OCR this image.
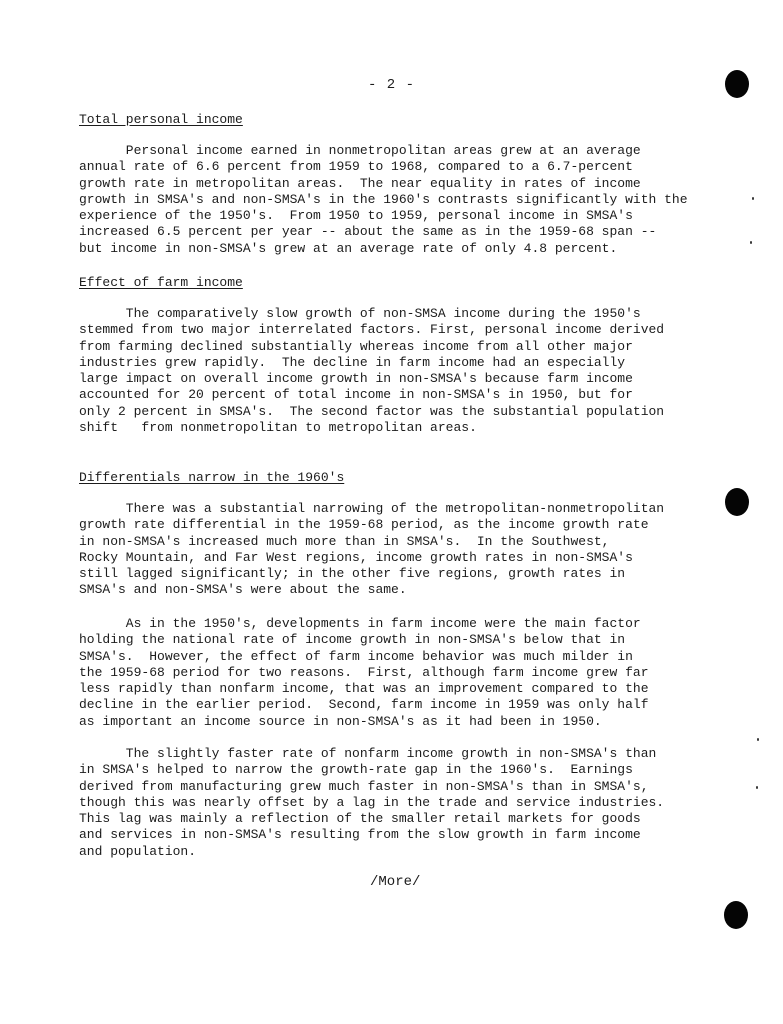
- 2 -
Total personal income
Personal income earned in nonmetropolitan areas grew at an average
annual rate of 6.6 percent from 1959 to 1968, compared to a 6.7-percent
growth rate in metropolitan areas.  The near equality in rates of income
growth in SMSA's and non-SMSA's in the 1960's contrasts significantly with the
experience of the 1950's.  From 1950 to 1959, personal income in SMSA's
increased 6.5 percent per year -- about the same as in the 1959-68 span --
but income in non-SMSA's grew at an average rate of only 4.8 percent.
Effect of farm income
The comparatively slow growth of non-SMSA income during the 1950's
stemmed from two major interrelated factors. First, personal income derived
from farming declined substantially whereas income from all other major
industries grew rapidly.  The decline in farm income had an especially
large impact on overall income growth in non-SMSA's because farm income
accounted for 20 percent of total income in non-SMSA's in 1950, but for
only 2 percent in SMSA's.  The second factor was the substantial population
shift   from nonmetropolitan to metropolitan areas.
Differentials narrow in the 1960's
There was a substantial narrowing of the metropolitan-nonmetropolitan
growth rate differential in the 1959-68 period, as the income growth rate
in non-SMSA's increased much more than in SMSA's.  In the Southwest,
Rocky Mountain, and Far West regions, income growth rates in non-SMSA's
still lagged significantly; in the other five regions, growth rates in
SMSA's and non-SMSA's were about the same.
As in the 1950's, developments in farm income were the main factor
holding the national rate of income growth in non-SMSA's below that in
SMSA's.  However, the effect of farm income behavior was much milder in
the 1959-68 period for two reasons.  First, although farm income grew far
less rapidly than nonfarm income, that was an improvement compared to the
decline in the earlier period.  Second, farm income in 1959 was only half
as important an income source in non-SMSA's as it had been in 1950.
The slightly faster rate of nonfarm income growth in non-SMSA's than
in SMSA's helped to narrow the growth-rate gap in the 1960's.  Earnings
derived from manufacturing grew much faster in non-SMSA's than in SMSA's,
though this was nearly offset by a lag in the trade and service industries.
This lag was mainly a reflection of the smaller retail markets for goods
and services in non-SMSA's resulting from the slow growth in farm income
and population.
/More/
